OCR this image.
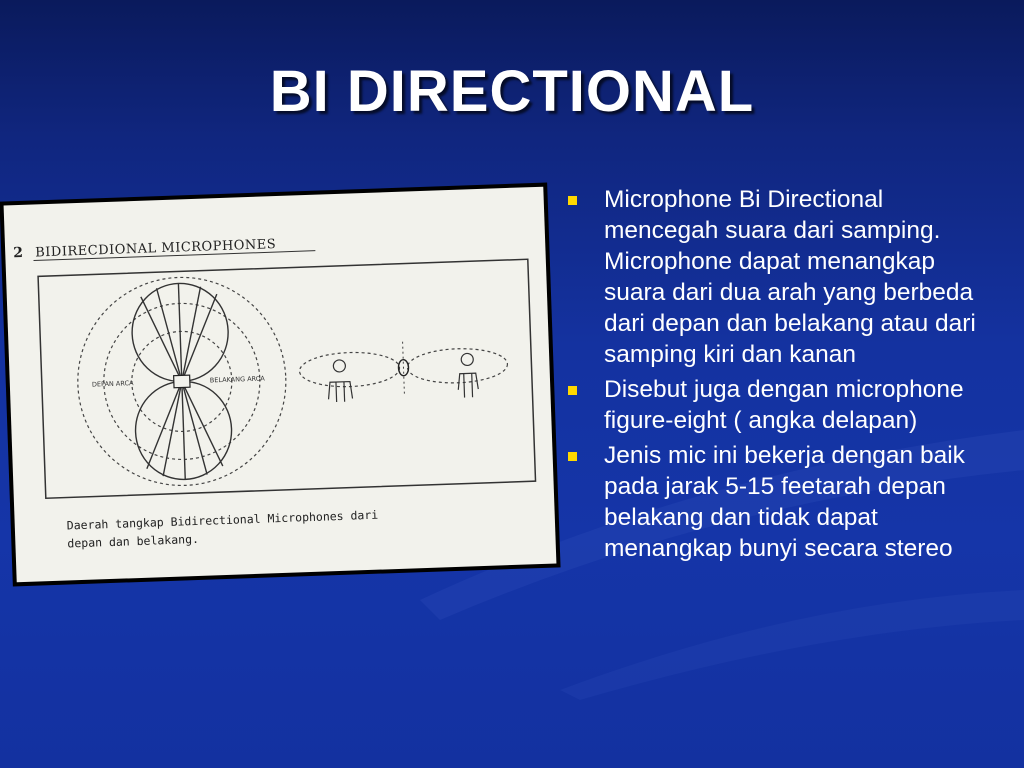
BI DIRECTIONAL
2 BIDIRECDIONAL MICROPHONES
DEPAN ARCA	BELAKANG ARCA
Daerah tangkap Bidirectional Microphones dari
depan dan belakang.
Microphone Bi Directional mencegah suara dari samping. Microphone dapat menangkap suara dari dua arah yang berbeda dari depan dan belakang atau dari samping kiri dan kanan
Disebut juga dengan microphone figure-eight ( angka delapan)
Jenis mic ini bekerja dengan baik pada jarak 5-15 feetarah depan belakang dan tidak dapat menangkap bunyi secara stereo
